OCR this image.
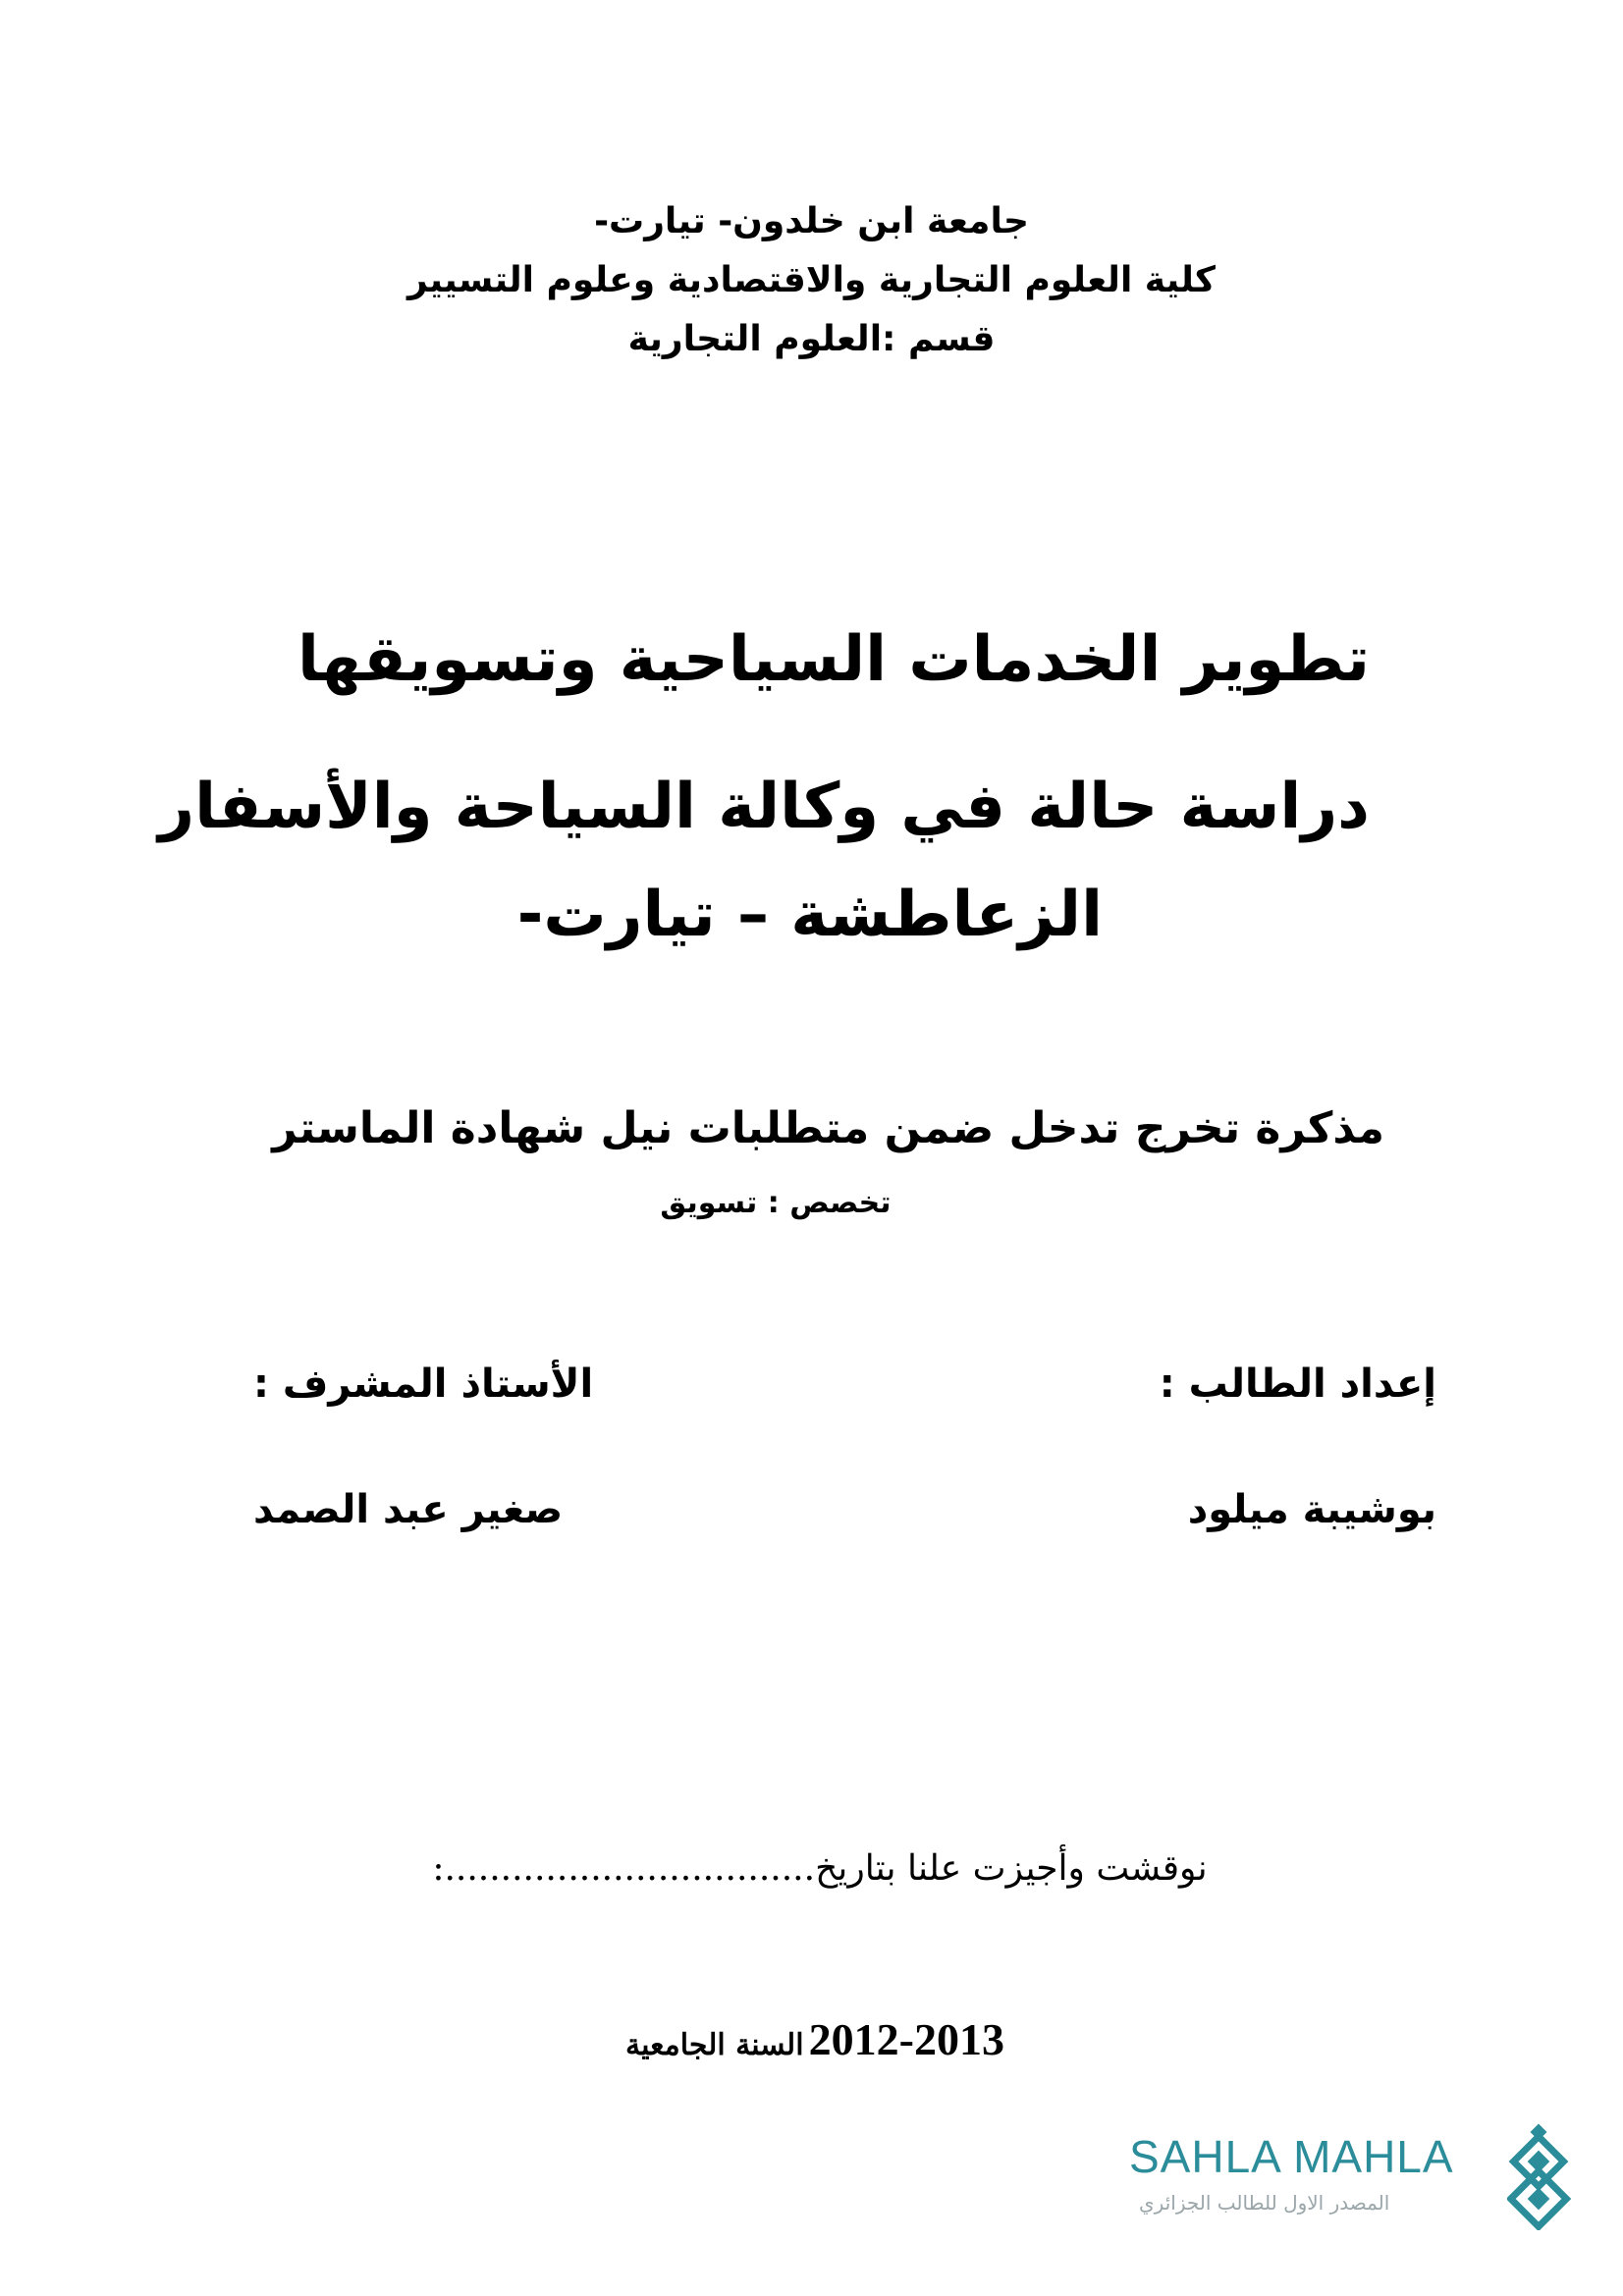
جامعة ابن خلدون- تيارت-
كلية العلوم التجارية والاقتصادية وعلوم التسيير
قسم :العلوم التجارية
تطوير الخدمات السياحية وتسويقها
دراسة حالة في وكالة السياحة والأسفار
الزعاطشة – تيارت-
مذكرة تخرج تدخل ضمن متطلبات نيل شهادة الماستر
تخصص : تسويق
إعداد الطالب :
الأستاذ المشرف :
بوشيبة ميلود
صغير عبد الصمد
نوقشت وأجيزت علنا بتاريخ.................................:
السنة الجامعية 2012-2013
SAHLA MAHLA
المصدر الاول للطالب الجزائري
